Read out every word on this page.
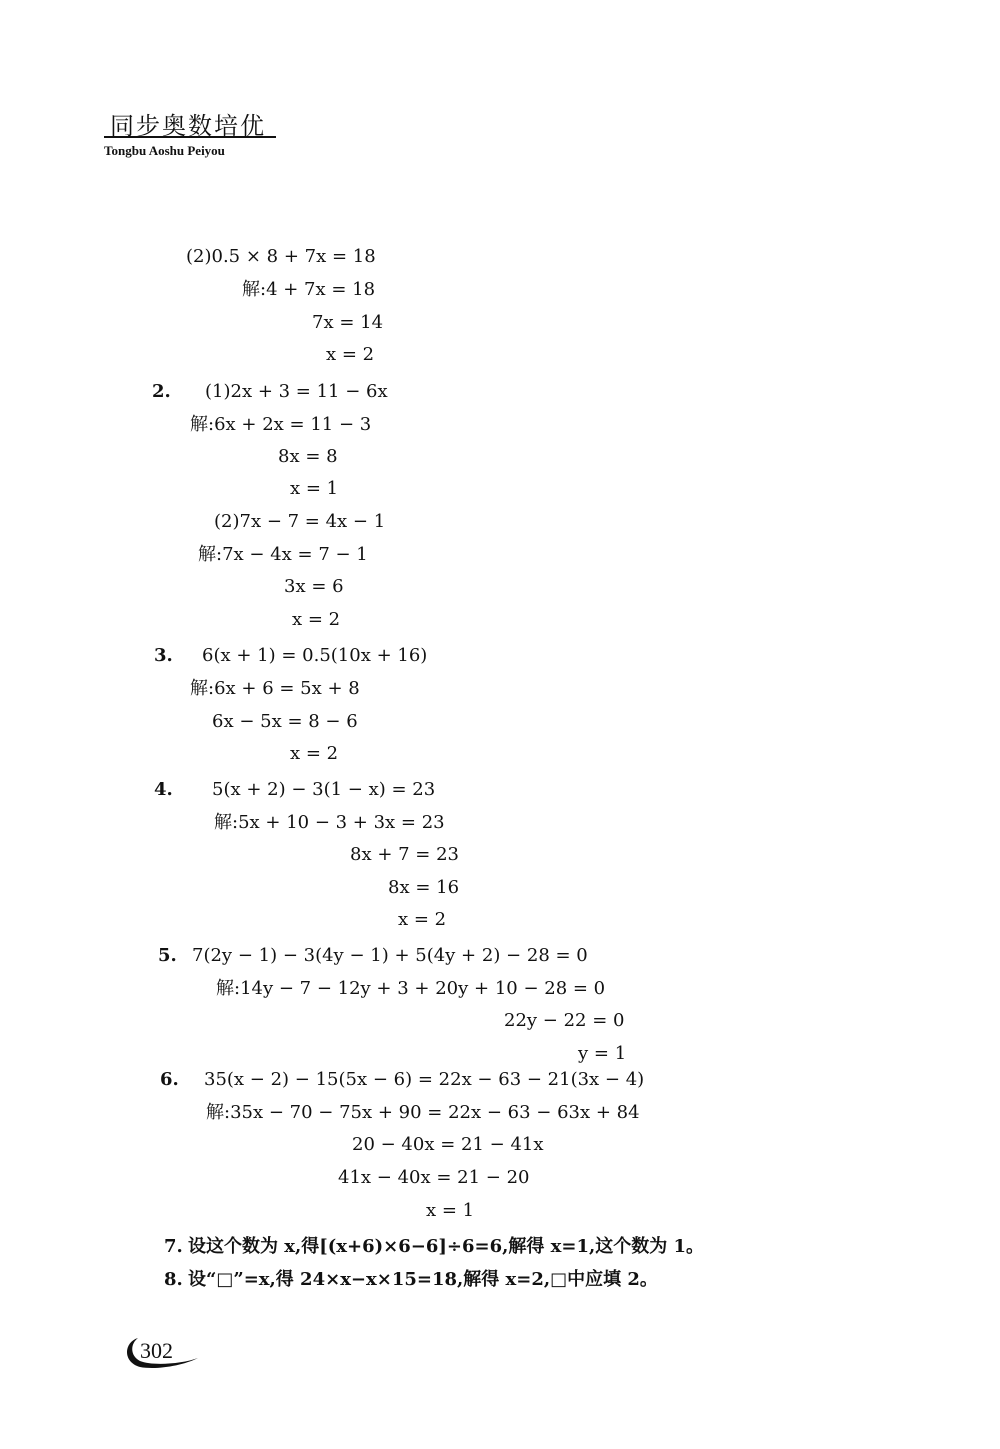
同步奥数培优
Tongbu Aoshu Peiyou
(2)0.5 × 8 + 7x = 18
解:4 + 7x = 18
7x = 14
x = 2
2. (1)2x + 3 = 11 − 6x
解:6x + 2x = 11 − 3
8x = 8
x = 1
(2)7x − 7 = 4x − 1
解:7x − 4x = 7 − 1
3x = 6
x = 2
3. 6(x + 1) = 0.5(10x + 16)
解:6x + 6 = 5x + 8
6x − 5x = 8 − 6
x = 2
4. 5(x + 2) − 3(1 − x) = 23
解:5x + 10 − 3 + 3x = 23
8x + 7 = 23
8x = 16
x = 2
5. 7(2y − 1) − 3(4y − 1) + 5(4y + 2) − 28 = 0
解:14y − 7 − 12y + 3 + 20y + 10 − 28 = 0
22y − 22 = 0
y = 1
6. 35(x − 2) − 15(5x − 6) = 22x − 63 − 21(3x − 4)
解:35x − 70 − 75x + 90 = 22x − 63 − 63x + 84
20 − 40x = 21 − 41x
41x − 40x = 21 − 20
x = 1
7. 设这个数为 x,得[(x+6)×6−6]÷6=6,解得 x=1,这个数为 1。
8. 设“□”=x,得 24×x−x×15=18,解得 x=2,□中应填 2。
302
